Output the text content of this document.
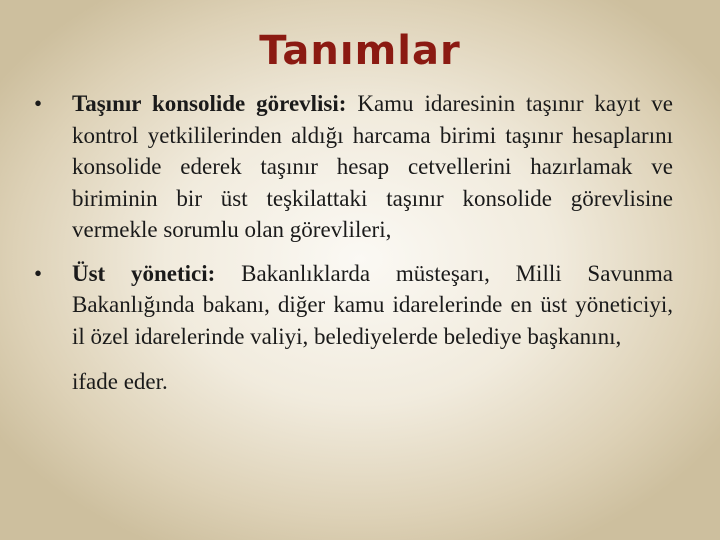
Tanımlar
• Taşınır konsolide görevlisi: Kamu idaresinin taşınır kayıt ve kontrol yetkililerinden aldığı harcama birimi taşınır hesaplarını konsolide ederek taşınır hesap cetvellerini hazırlamak ve biriminin bir üst teşkilattaki taşınır konsolide görevlisine vermekle sorumlu olan görevlileri,
• Üst yönetici: Bakanlıklarda müsteşarı, Milli Savunma Bakanlığında bakanı, diğer kamu idarelerinde en üst yöneticiyi, il özel idarelerinde valiyi, belediyelerde belediye başkanını,
ifade eder.
